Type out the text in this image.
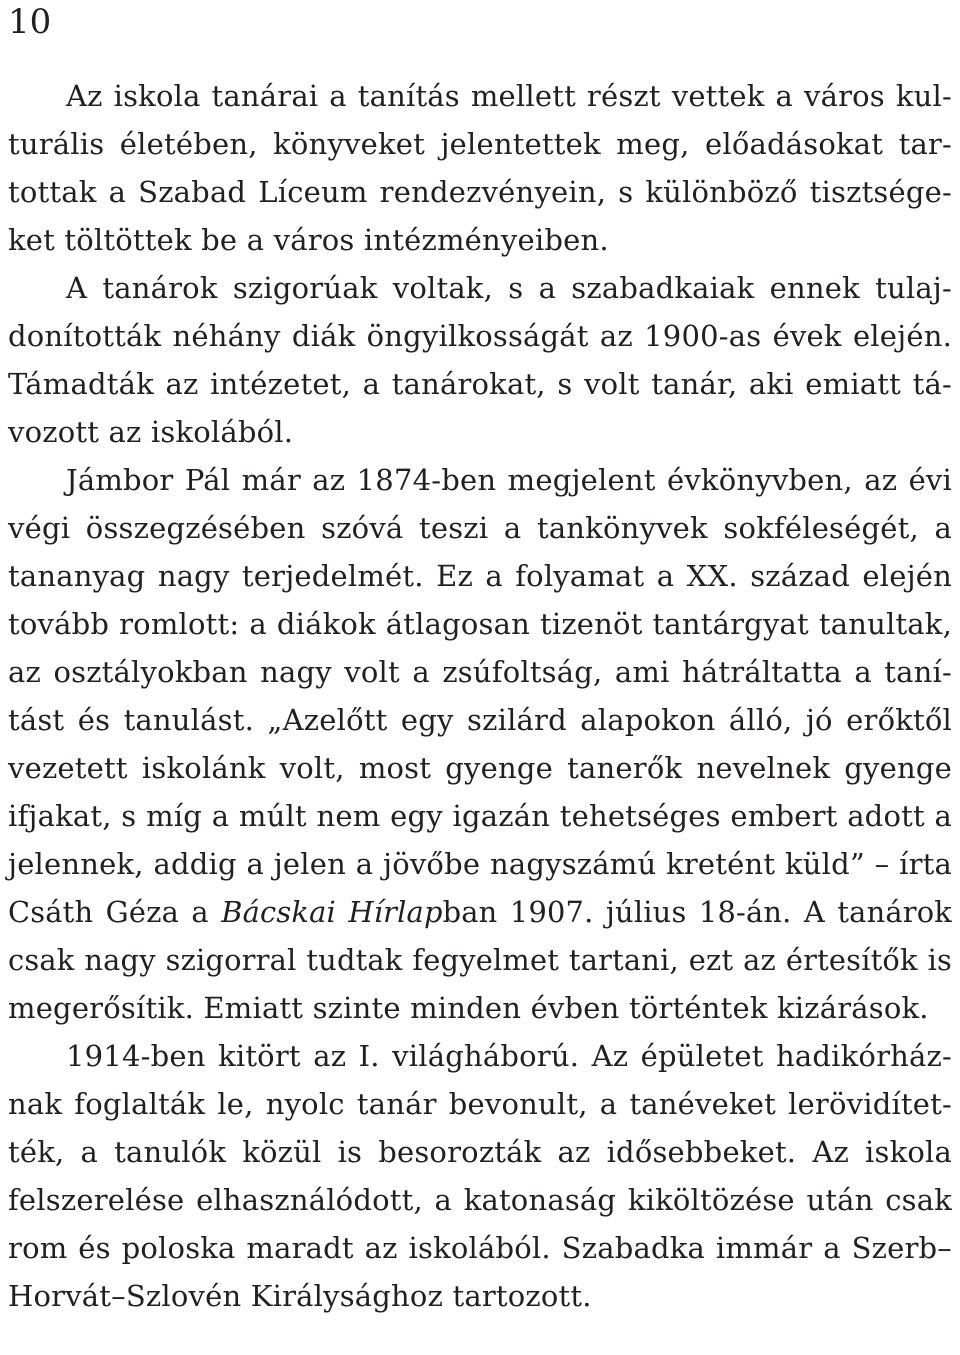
10
Az iskola tanárai a tanítás mellett részt vettek a város kul-
turális életében, könyveket jelentettek meg, előadásokat tar-
tottak a Szabad Líceum rendezvényein, s különböző tisztsége-
ket töltöttek be a város intézményeiben.
A tanárok szigorúak voltak, s a szabadkaiak ennek tulaj-
donították néhány diák öngyilkosságát az 1900-as évek elején.
Támadták az intézetet, a tanárokat, s volt tanár, aki emiatt tá-
vozott az iskolából.
Jámbor Pál már az 1874-ben megjelent évkönyvben, az évi
végi összegzésében szóvá teszi a tankönyvek sokféleségét, a
tananyag nagy terjedelmét. Ez a folyamat a XX. század elején
tovább romlott: a diákok átlagosan tizenöt tantárgyat tanultak,
az osztályokban nagy volt a zsúfoltság, ami hátráltatta a taní-
tást és tanulást. „Azelőtt egy szilárd alapokon álló, jó erőktől
vezetett iskolánk volt, most gyenge tanerők nevelnek gyenge
ifjakat, s míg a múlt nem egy igazán tehetséges embert adott a
jelennek, addig a jelen a jövőbe nagyszámú kretént küld” – írta
Csáth Géza a Bácskai Hírlapban 1907. július 18-án. A tanárok
csak nagy szigorral tudtak fegyelmet tartani, ezt az értesítők is
megerősítik. Emiatt szinte minden évben történtek kizárások.
1914-ben kitört az I. világháború. Az épületet hadikórház-
nak foglalták le, nyolc tanár bevonult, a tanéveket lerövidítet-
ték, a tanulók közül is besorozták az idősebbeket. Az iskola
felszerelése elhasználódott, a katonaság kiköltözése után csak
rom és poloska maradt az iskolából. Szabadka immár a Szerb–
Horvát–Szlovén Királysághoz tartozott.
